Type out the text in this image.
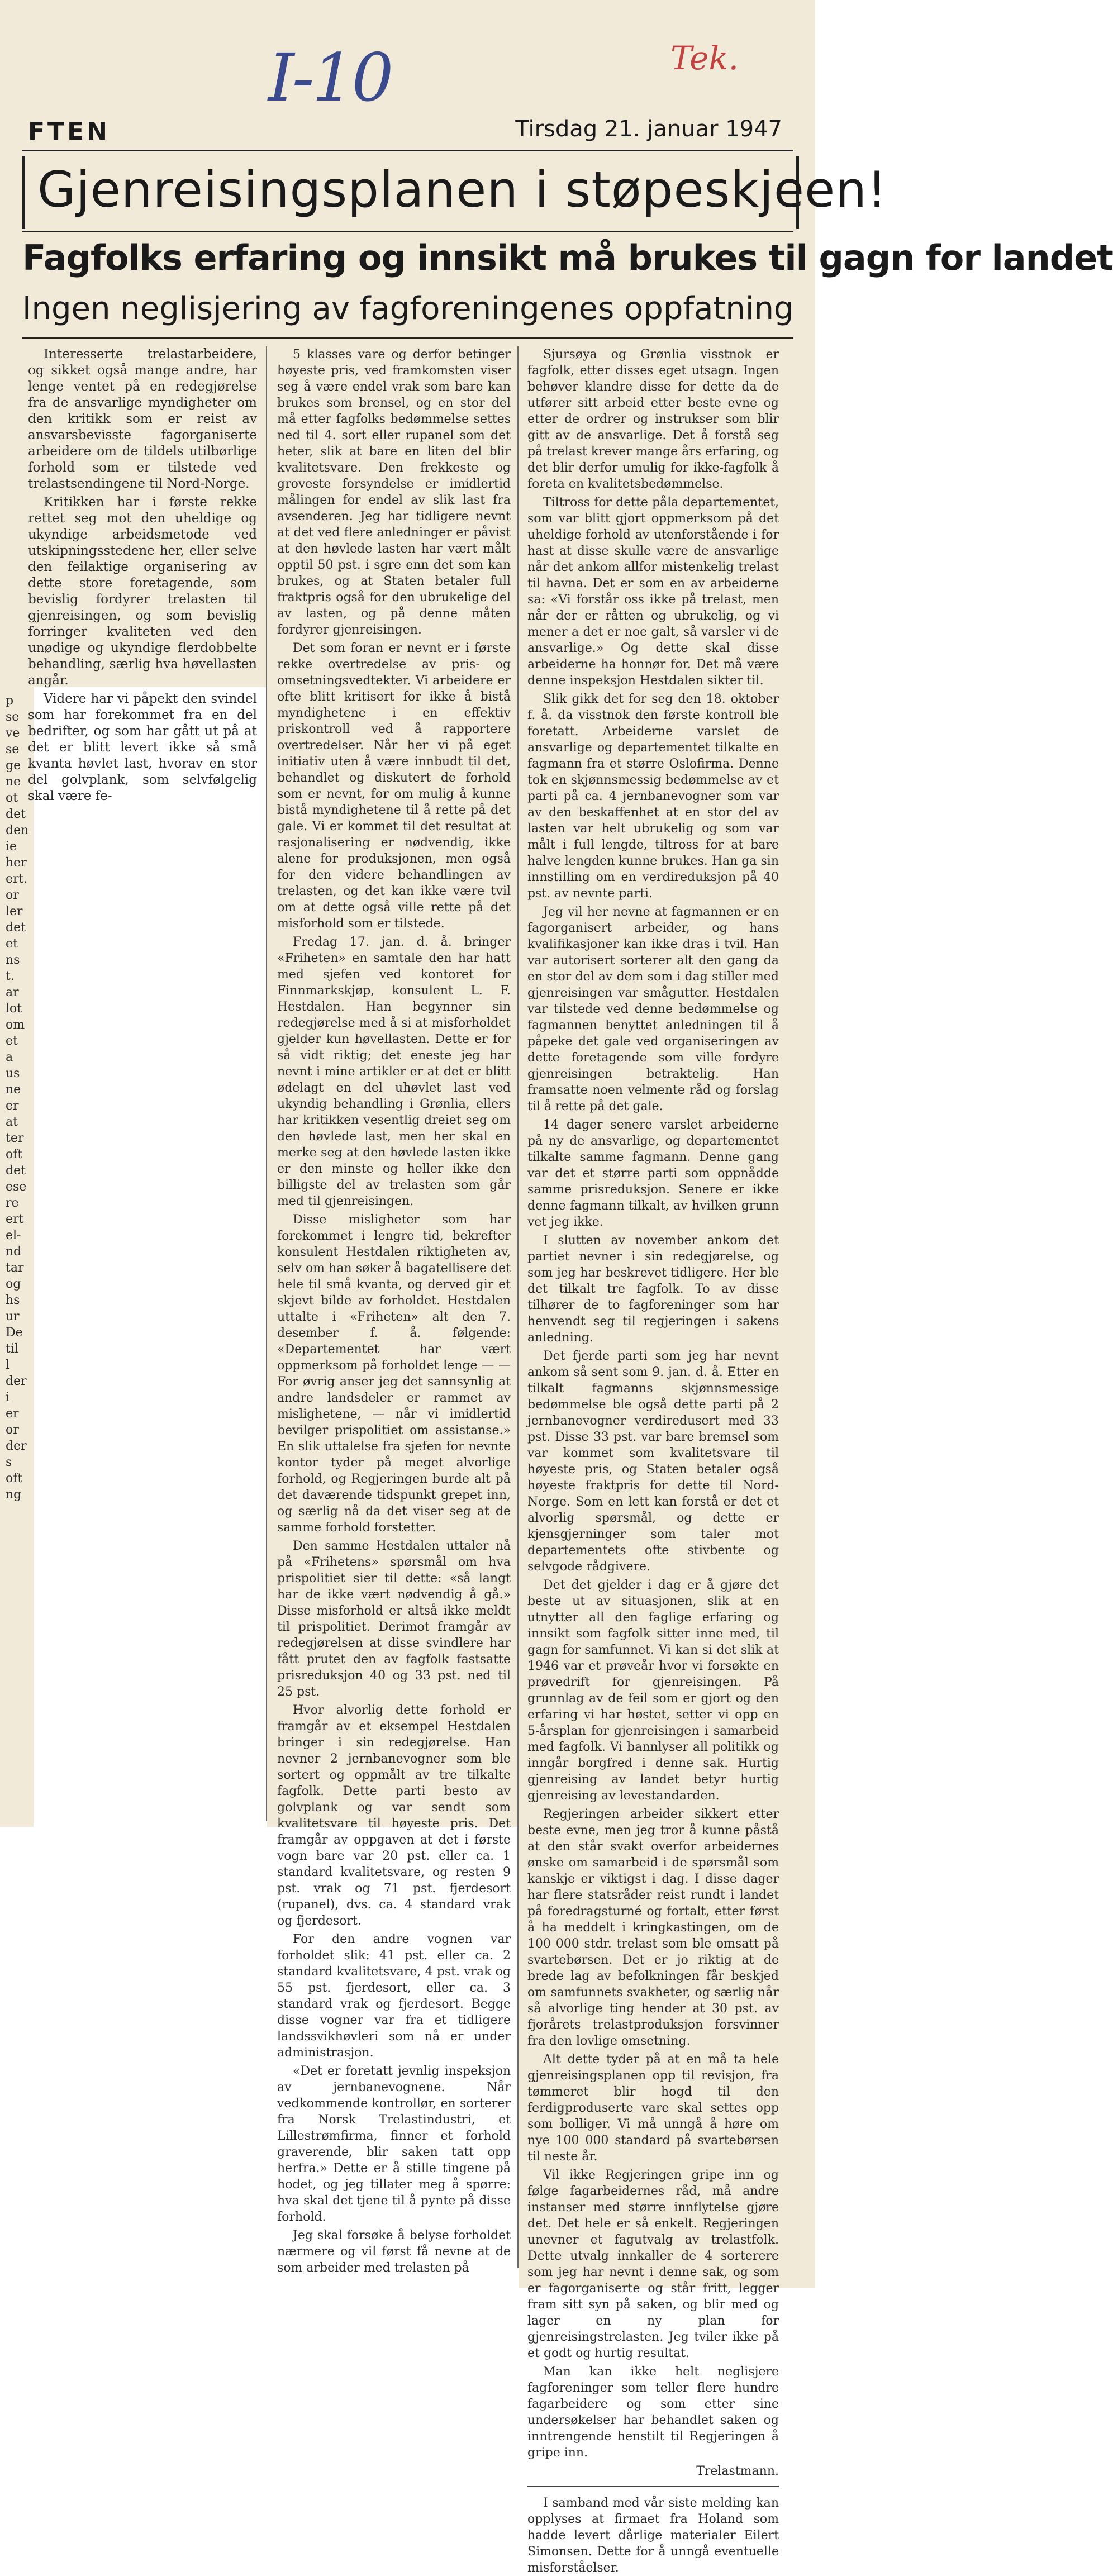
I-10	Tek.
FTEN	Tirsdag 21. januar 1947
Gjenreisingsplanen i støpeskjeen!
Fagfolks erfaring og innsikt må brukes til gagn for landet
Ingen neglisjering av fagforeningenes oppfatning

Interesserte trelastarbeidere, og sikket også mange andre, har lenge ventet på en redegjørelse fra de ansvarlige myndigheter om den kritikk som er reist av ansvarsbevisste fagorganiserte arbeidere om de tildels utilbørlige forhold som er tilstede ved trelastsendingene til Nord-Norge.

Kritikken har i første rekke rettet seg mot den uheldige og ukyndige arbeidsmetode ved utskipningsstedene her, eller selve den feilaktige organisering av dette store foretagende, som bevislig fordyrer trelasten til gjenreisingen, og som bevislig forringer kvaliteten ved den unødige og ukyndige flerdobbelte behandling, særlig hva høvellasten angår.

Videre har vi påpekt den svindel som har forekommet fra en del bedrifter, og som har gått ut på at det er blitt levert ikke så små kvanta høvlet last, hvorav en stor del golvplank, som selvfølgelig skal være fe-

5 klasses vare og derfor betinger høyeste pris, ved framkomsten viser seg å være endel vrak som bare kan brukes som brensel, og en stor del må etter fagfolks bedømmelse settes ned til 4. sort eller rupanel som det heter, slik at bare en liten del blir kvalitetsvare. Den frekkeste og groveste forsyndelse er imidlertid målingen for endel av slik last fra avsenderen. Jeg har tidligere nevnt at det ved flere anledninger er påvist at den høvlede lasten har vært målt opptil 50 pst. i sgre enn det som kan brukes, og at Staten betaler full fraktpris også for den ubrukelige del av lasten, og på denne måten fordyrer gjenreisingen.

Det som foran er nevnt er i første rekke overtredelse av pris- og omsetningsvedtekter. Vi arbeidere er ofte blitt kritisert for ikke å bistå myndighetene i en effektiv priskontroll ved å rapportere overtredelser. Når her vi på eget initiativ uten å være innbudt til det, behandlet og diskutert de forhold som er nevnt, for om mulig å kunne bistå myndighetene til å rette på det gale. Vi er kommet til det resultat at rasjonalisering er nødvendig, ikke alene for produksjonen, men også for den videre behandlingen av trelasten, og det kan ikke være tvil om at dette også ville rette på det misforhold som er tilstede.

Fredag 17. jan. d. å. bringer «Friheten» en samtale den har hatt med sjefen ved kontoret for Finnmarkskjøp, konsulent L. F. Hestdalen. Han begynner sin redegjørelse med å si at misforholdet gjelder kun høvellasten. Dette er for så vidt riktig; det eneste jeg har nevnt i mine artikler er at det er blitt ødelagt en del uhøvlet last ved ukyndig behandling i Grønlia, ellers har kritikken vesentlig dreiet seg om den høvlede last, men her skal en merke seg at den høvlede lasten ikke er den minste og heller ikke den billigste del av trelasten som går med til gjenreisingen.

Disse misligheter som har forekommet i lengre tid, bekrefter konsulent Hestdalen riktigheten av, selv om han søker å bagatellisere det hele til små kvanta, og derved gir et skjevt bilde av forholdet. Hestdalen uttalte i «Friheten» alt den 7. desember f. å. følgende: «Departementet har vært oppmerksom på forholdet lenge — — For øvrig anser jeg det sannsynlig at andre landsdeler er rammet av mislighetene, — når vi imidlertid bevilger prispolitiet om assistanse.» En slik uttalelse fra sjefen for nevnte kontor tyder på meget alvorlige forhold, og Regjeringen burde alt på det daværende tidspunkt grepet inn, og særlig nå da det viser seg at de samme forhold forstetter.

Den samme Hestdalen uttaler nå på «Frihetens» spørsmål om hva prispolitiet sier til dette: «så langt har de ikke vært nødvendig å gå.» Disse misforhold er altså ikke meldt til prispolitiet. Derimot framgår av redegjørelsen at disse svindlere har fått prutet den av fagfolk fastsatte prisreduksjon 40 og 33 pst. ned til 25 pst.

Hvor alvorlig dette forhold er framgår av et eksempel Hestdalen bringer i sin redegjørelse. Han nevner 2 jernbanevogner som ble sortert og oppmålt av tre tilkalte fagfolk. Dette parti besto av golvplank og var sendt som kvalitetsvare til høyeste pris. Det framgår av oppgaven at det i første vogn bare var 20 pst. eller ca. 1 standard kvalitetsvare, og resten 9 pst. vrak og 71 pst. fjerdesort (rupanel), dvs. ca. 4 standard vrak og fjerdesort.

For den andre vognen var forholdet slik: 41 pst. eller ca. 2 standard kvalitetsvare, 4 pst. vrak og 55 pst. fjerdesort, eller ca. 3 standard vrak og fjerdesort. Begge disse vogner var fra et tidligere landssvikhøvleri som nå er under administrasjon.

«Det er foretatt jevnlig inspeksjon av jernbanevognene. Når vedkommende kontrollør, en sorterer fra Norsk Trelastindustri, et Lillestrømfirma, finner et forhold graverende, blir saken tatt opp herfra.» Dette er å stille tingene på hodet, og jeg tillater meg å spørre: hva skal det tjene til å pynte på disse forhold.

Jeg skal forsøke å belyse forholdet nærmere og vil først få nevne at de som arbeider med trelasten på

Sjursøya og Grønlia visstnok er fagfolk, etter disses eget utsagn. Ingen behøver klandre disse for dette da de utfører sitt arbeid etter beste evne og etter de ordrer og instrukser som blir gitt av de ansvarlige. Det å forstå seg på trelast krever mange års erfaring, og det blir derfor umulig for ikke-fagfolk å foreta en kvalitetsbedømmelse.

Tiltross for dette påla departementet, som var blitt gjort oppmerksom på det uheldige forhold av utenforstående i for hast at disse skulle være de ansvarlige når det ankom allfor mistenkelig trelast til havna. Det er som en av arbeiderne sa: «Vi forstår oss ikke på trelast, men når der er råtten og ubrukelig, og vi mener a det er noe galt, så varsler vi de ansvarlige.» Og dette skal disse arbeiderne ha honnør for. Det må være denne inspeksjon Hestdalen sikter til.

Slik gikk det for seg den 18. oktober f. å. da visstnok den første kontroll ble foretatt. Arbeiderne varslet de ansvarlige og departementet tilkalte en fagmann fra et større Oslofirma. Denne tok en skjønnsmessig bedømmelse av et parti på ca. 4 jernbanevogner som var av den beskaffenhet at en stor del av lasten var helt ubrukelig og som var målt i full lengde, tiltross for at bare halve lengden kunne brukes. Han ga sin innstilling om en verdireduksjon på 40 pst. av nevnte parti.

Jeg vil her nevne at fagmannen er en fagorganisert arbeider, og hans kvalifikasjoner kan ikke dras i tvil. Han var autorisert sorterer alt den gang da en stor del av dem som i dag stiller med gjenreisingen var smågutter. Hestdalen var tilstede ved denne bedømmelse og fagmannen benyttet anledningen til å påpeke det gale ved organiseringen av dette foretagende som ville fordyre gjenreisingen betraktelig. Han framsatte noen velmente råd og forslag til å rette på det gale.

14 dager senere varslet arbeiderne på ny de ansvarlige, og departementet tilkalte samme fagmann. Denne gang var det et større parti som oppnådde samme prisreduksjon. Senere er ikke denne fagmann tilkalt, av hvilken grunn vet jeg ikke.

I slutten av november ankom det partiet nevner i sin redegjørelse, og som jeg har beskrevet tidligere. Her ble det tilkalt tre fagfolk. To av disse tilhører de to fagforeninger som har henvendt seg til regjeringen i sakens anledning.

Det fjerde parti som jeg har nevnt ankom så sent som 9. jan. d. å. Etter en tilkalt fagmanns skjønnsmessige bedømmelse ble også dette parti på 2 jernbanevogner verdiredusert med 33 pst. Disse 33 pst. var bare bremsel som var kommet som kvalitetsvare til høyeste pris, og Staten betaler også høyeste fraktpris for dette til Nord-Norge. Som en lett kan forstå er det et alvorlig spørsmål, og dette er kjensgjerninger som taler mot departementets ofte stivbente og selvgode rådgivere.

Det det gjelder i dag er å gjøre det beste ut av situasjonen, slik at en utnytter all den faglige erfaring og innsikt som fagfolk sitter inne med, til gagn for samfunnet. Vi kan si det slik at 1946 var et prøveår hvor vi forsøkte en prøvedrift for gjenreisingen. På grunnlag av de feil som er gjort og den erfaring vi har høstet, setter vi opp en 5-årsplan for gjenreisingen i samarbeid med fagfolk. Vi bannlyser all politikk og inngår borgfred i denne sak. Hurtig gjenreising av landet betyr hurtig gjenreising av levestandarden.

Regjeringen arbeider sikkert etter beste evne, men jeg tror å kunne påstå at den står svakt overfor arbeidernes ønske om samarbeid i de spørsmål som kanskje er viktigst i dag. I disse dager har flere statsråder reist rundt i landet på foredragsturné og fortalt, etter først å ha meddelt i kringkastingen, om de 100 000 stdr. trelast som ble omsatt på svartebørsen. Det er jo riktig at de brede lag av befolkningen får beskjed om samfunnets svakheter, og særlig når så alvorlige ting hender at 30 pst. av fjorårets trelastproduksjon forsvinner fra den lovlige omsetning.

Alt dette tyder på at en må ta hele gjenreisingsplanen opp til revisjon, fra tømmeret blir hogd til den ferdigproduserte vare skal settes opp som bolliger. Vi må unngå å høre om nye 100 000 standard på svartebørsen til neste år.

Vil ikke Regjeringen gripe inn og følge fagarbeidernes råd, må andre instanser med større innflytelse gjøre det. Det hele er så enkelt. Regjeringen unevner et fagutvalg av trelastfolk. Dette utvalg innkaller de 4 sorterere som jeg har nevnt i denne sak, og som er fagorganiserte og står fritt, legger fram sitt syn på saken, og blir med og lager en ny plan for gjenreisingstrelasten. Jeg tviler ikke på et godt og hurtig resultat.

Man kan ikke helt neglisjere fagforeninger som teller flere hundre fagarbeidere og som etter sine undersøkelser har behandlet saken og inntrengende henstilt til Regjeringen å gripe inn.

Trelastmann.

I samband med vår siste melding kan opplyses at firmaet fra Holand som hadde levert dårlige materialer Eilert Simonsen. Dette for å unngå eventuelle misforståelser.

p
se
ve
se
ge
ne
ot
det
den
ie
her
ert.
or
ler
det
et
ns
t.
ar
lot
om
et
a
us
ne
er
at
ter
oft
det
ese
re
ert
el-
nd
tar
og
hs
ur
De
til
l
der
i
er
or
der
s
oft
ng
